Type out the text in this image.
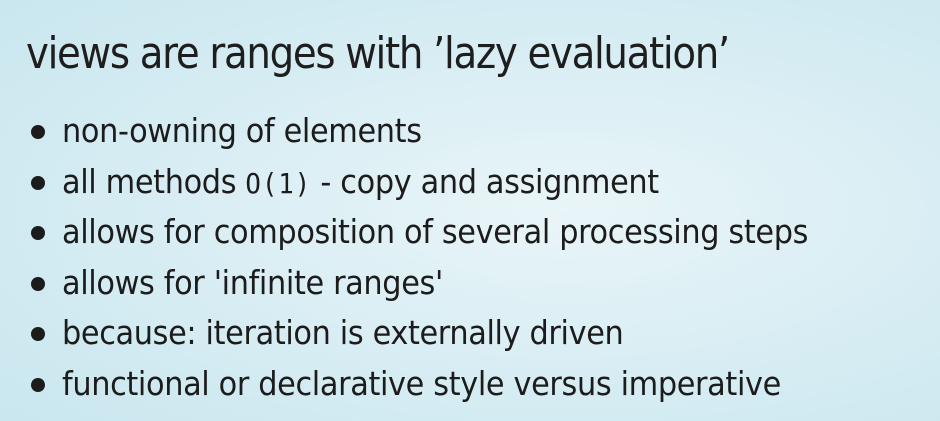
views are ranges with ’lazy evaluation’
non-owning of elements
all methods O(1) - copy and assignment
allows for composition of several processing steps
allows for 'infinite ranges'
because: iteration is externally driven
functional or declarative style versus imperative
